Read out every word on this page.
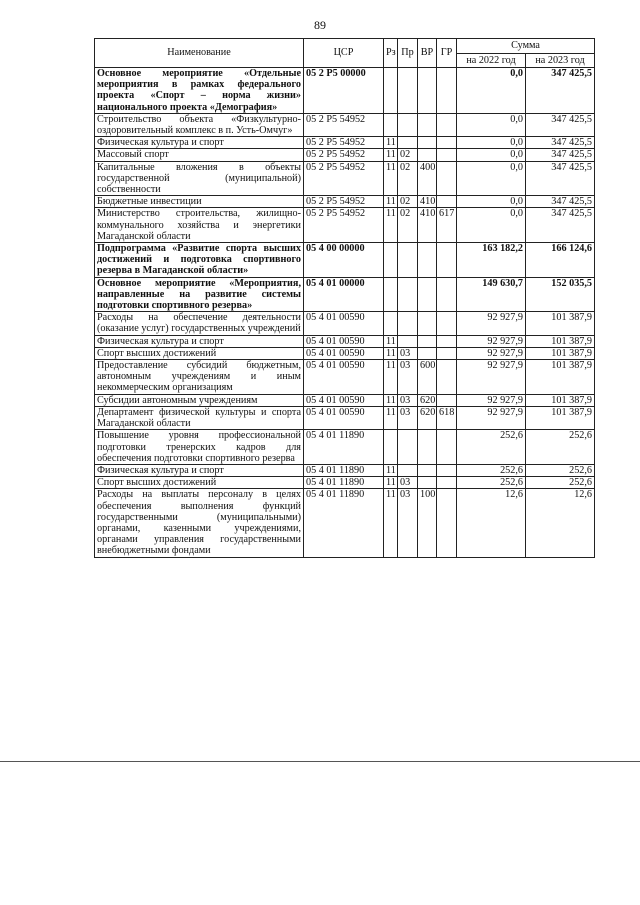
89
Наименование	ЦСР	Рз	Пр	ВР	ГР	Сумма	
						на 2022 год	на 2023 год
Основное мероприятие «Отдельные мероприятия в рамках федерального проекта «Спорт – норма жизни» национального проекта «Демография»	05 2 P5 00000					0,0	347 425,5
Строительство объекта «Физкультурно-оздоровительный комплекс в п. Усть-Омчуг»	05 2 P5 54952					0,0	347 425,5
Физическая культура и спорт	05 2 P5 54952	11				0,0	347 425,5
Массовый спорт	05 2 P5 54952	11	02			0,0	347 425,5
Капитальные вложения в объекты государственной (муниципальной) собственности	05 2 P5 54952	11	02	400		0,0	347 425,5
Бюджетные инвестиции	05 2 P5 54952	11	02	410		0,0	347 425,5
Министерство строительства, жилищно-коммунального хозяйства и энергетики Магаданской области	05 2 P5 54952	11	02	410	617	0,0	347 425,5
Подпрограмма «Развитие спорта высших достижений и подготовка спортивного резерва в Магаданской области»	05 4 00 00000					163 182,2	166 124,6
Основное мероприятие «Мероприятия, направленные на развитие системы подготовки спортивного резерва»	05 4 01 00000					149 630,7	152 035,5
Расходы на обеспечение деятельности (оказание услуг) государственных учреждений	05 4 01 00590					92 927,9	101 387,9
Физическая культура и спорт	05 4 01 00590	11				92 927,9	101 387,9
Спорт высших достижений	05 4 01 00590	11	03			92 927,9	101 387,9
Предоставление субсидий бюджетным, автономным учреждениям и иным некоммерческим организациям	05 4 01 00590	11	03	600		92 927,9	101 387,9
Субсидии автономным учреждениям	05 4 01 00590	11	03	620		92 927,9	101 387,9
Департамент физической культуры и спорта Магаданской области	05 4 01 00590	11	03	620	618	92 927,9	101 387,9
Повышение уровня профессиональной подготовки тренерских кадров для обеспечения подготовки спортивного резерва	05 4 01 11890					252,6	252,6
Физическая культура и спорт	05 4 01 11890	11				252,6	252,6
Спорт высших достижений	05 4 01 11890	11	03			252,6	252,6
Расходы на выплаты персоналу в целях обеспечения выполнения функций государственными (муниципальными) органами, казенными учреждениями, органами управления государственными внебюджетными фондами	05 4 01 11890	11	03	100		12,6	12,6
